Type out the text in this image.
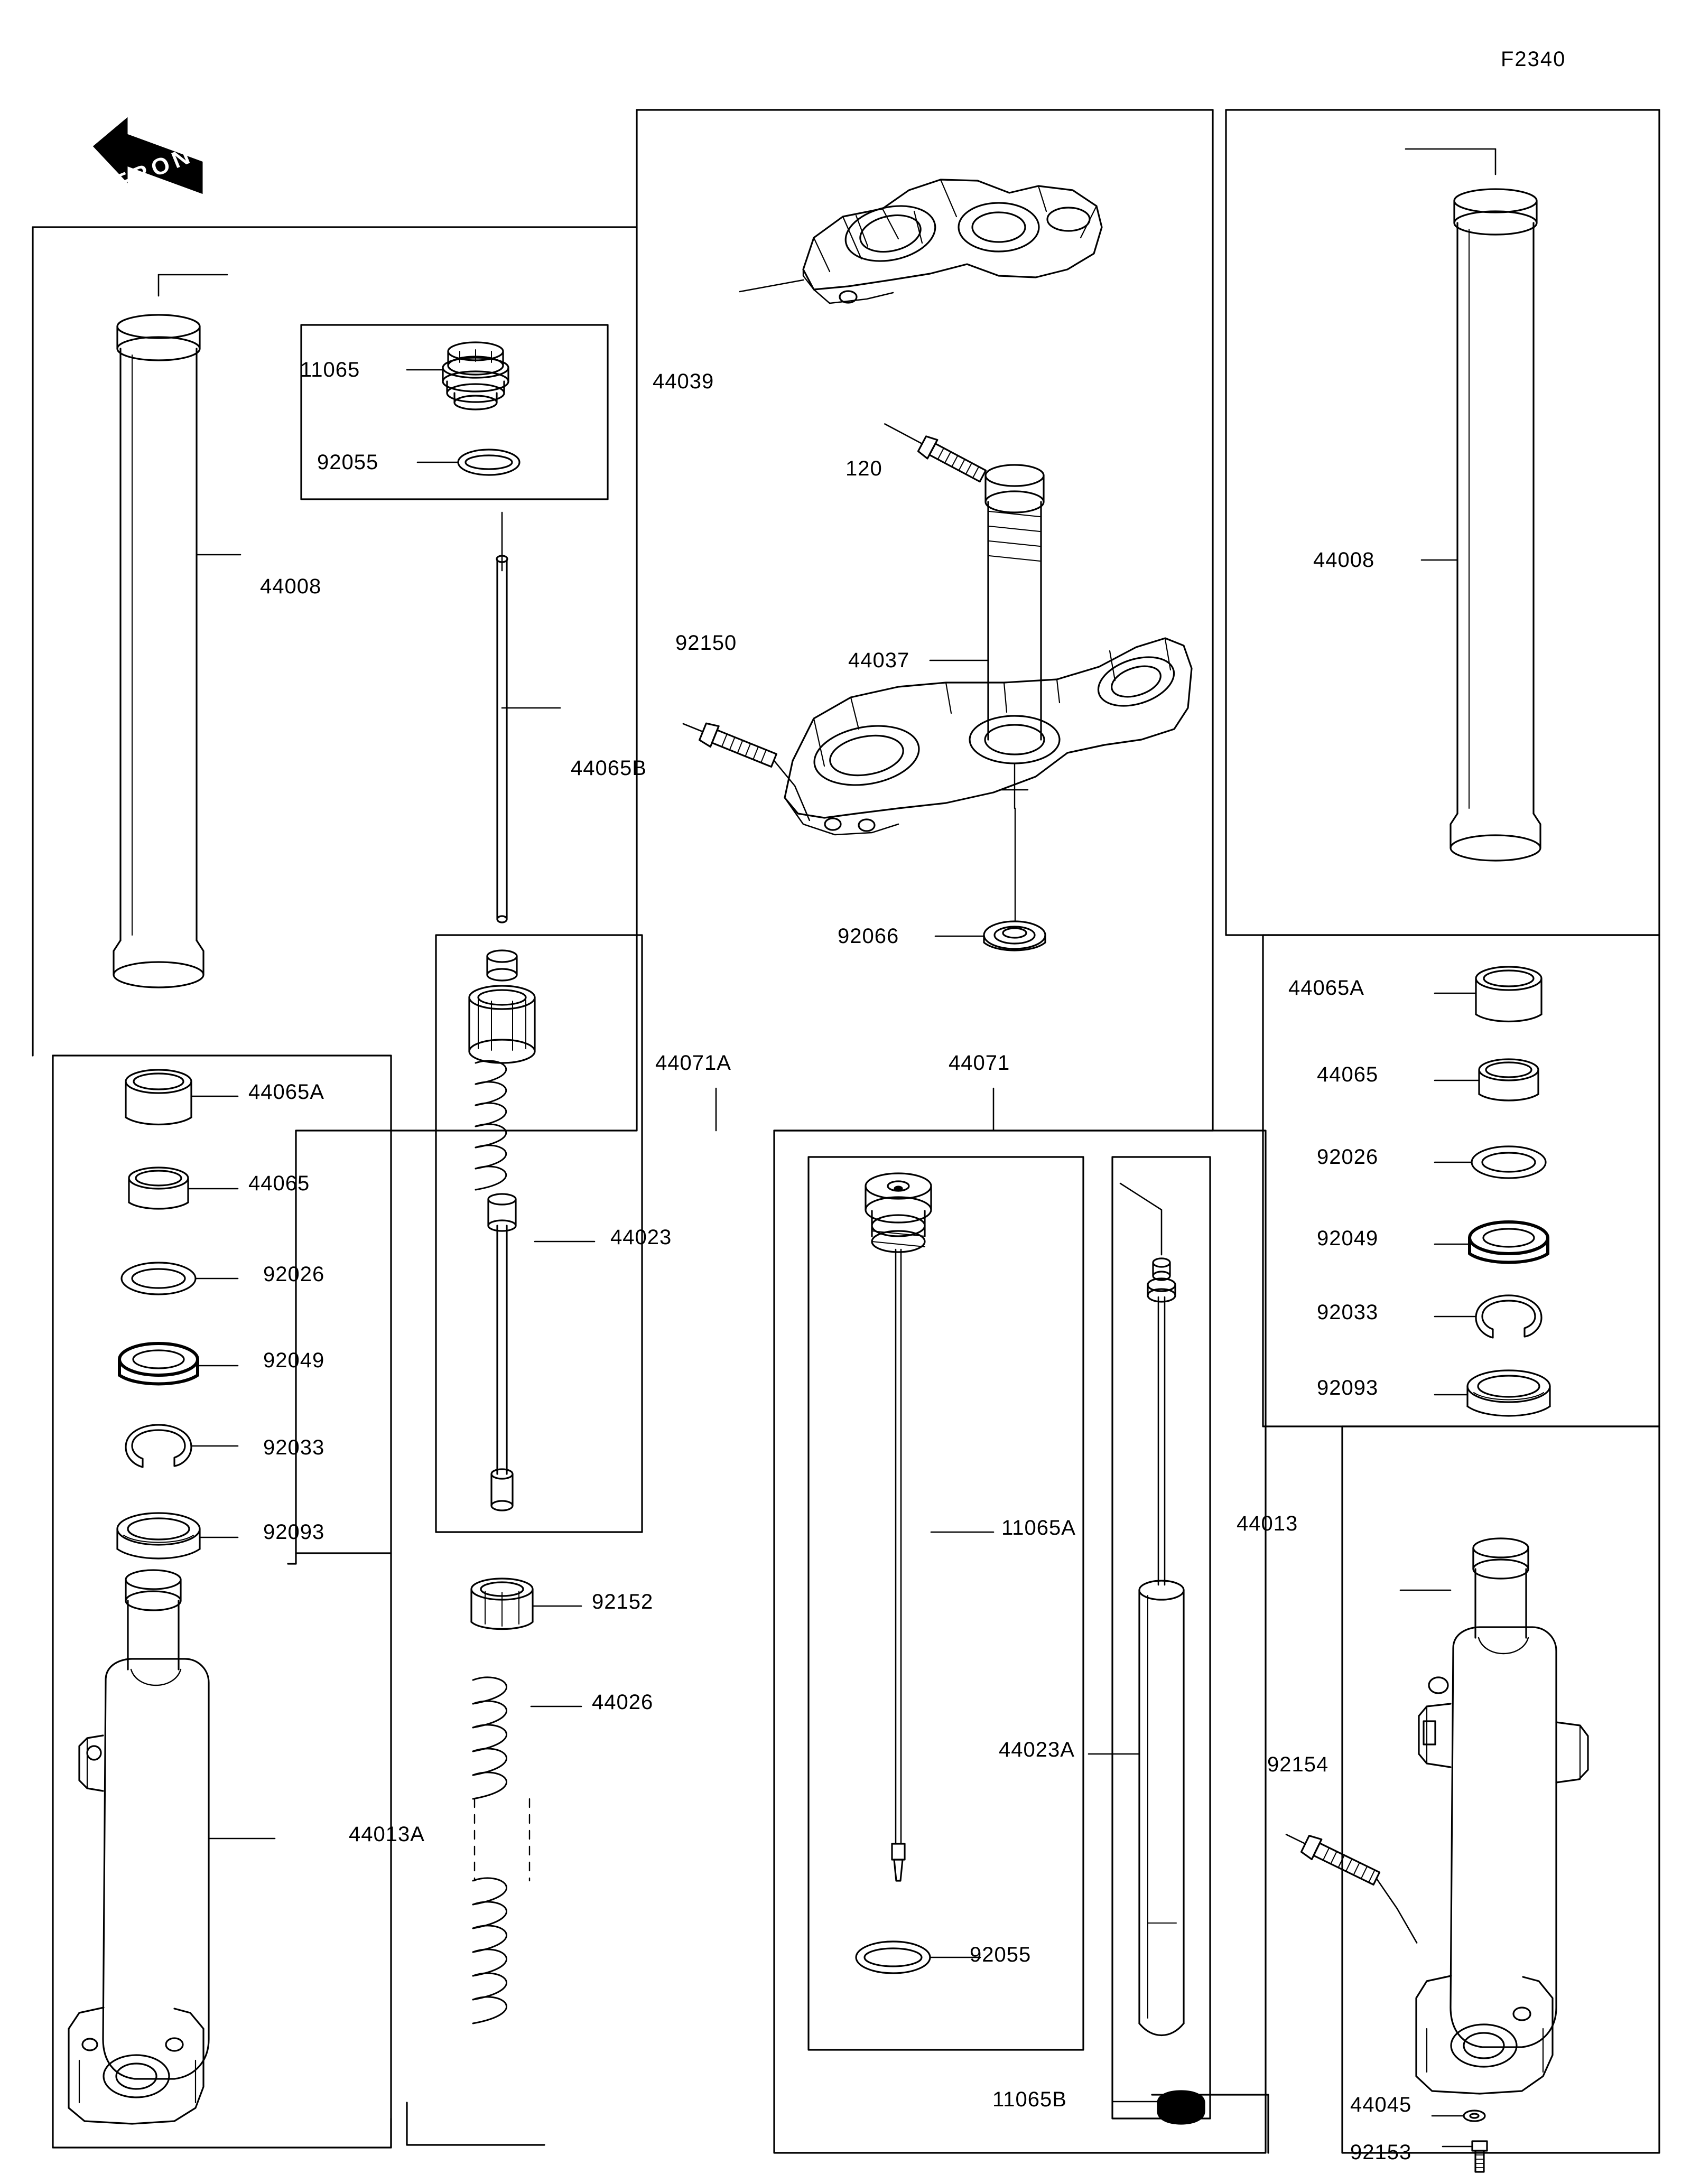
F2340
FRONT
11065
92055
44008
44065B
44065A
44065
92026
92049
92033
92093
44013A
44023
92152
44026
44071A
44039
120
92150
44037
92066
44008
44071
11065A
44023A
92055
11065B
44065A
44065
92026
92049
92033
92093
44013
92154
44045
92153
